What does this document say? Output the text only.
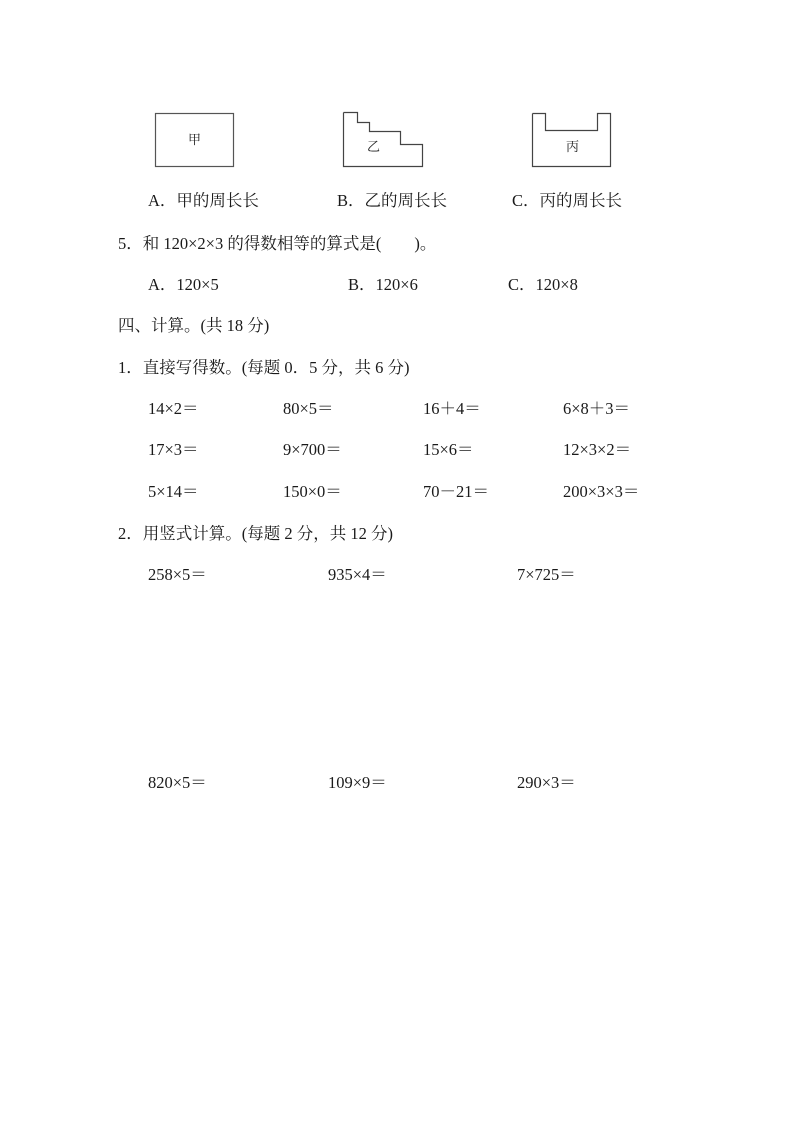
甲	乙	丙
A．甲的周长长	B．乙的周长长	C．丙的周长长
5．和 120×2×3 的得数相等的算式是(　　)。
A．120×5	B．120×6	C．120×8
四、计算。(共 18 分)
1．直接写得数。(每题 0．5 分，共 6 分)
14×2＝	80×5＝	16＋4＝	6×8＋3＝
17×3＝	9×700＝	15×6＝	12×3×2＝
5×14＝	150×0＝	70－21＝	200×3×3＝
2．用竖式计算。(每题 2 分，共 12 分)
258×5＝	935×4＝	7×725＝
820×5＝	109×9＝	290×3＝
